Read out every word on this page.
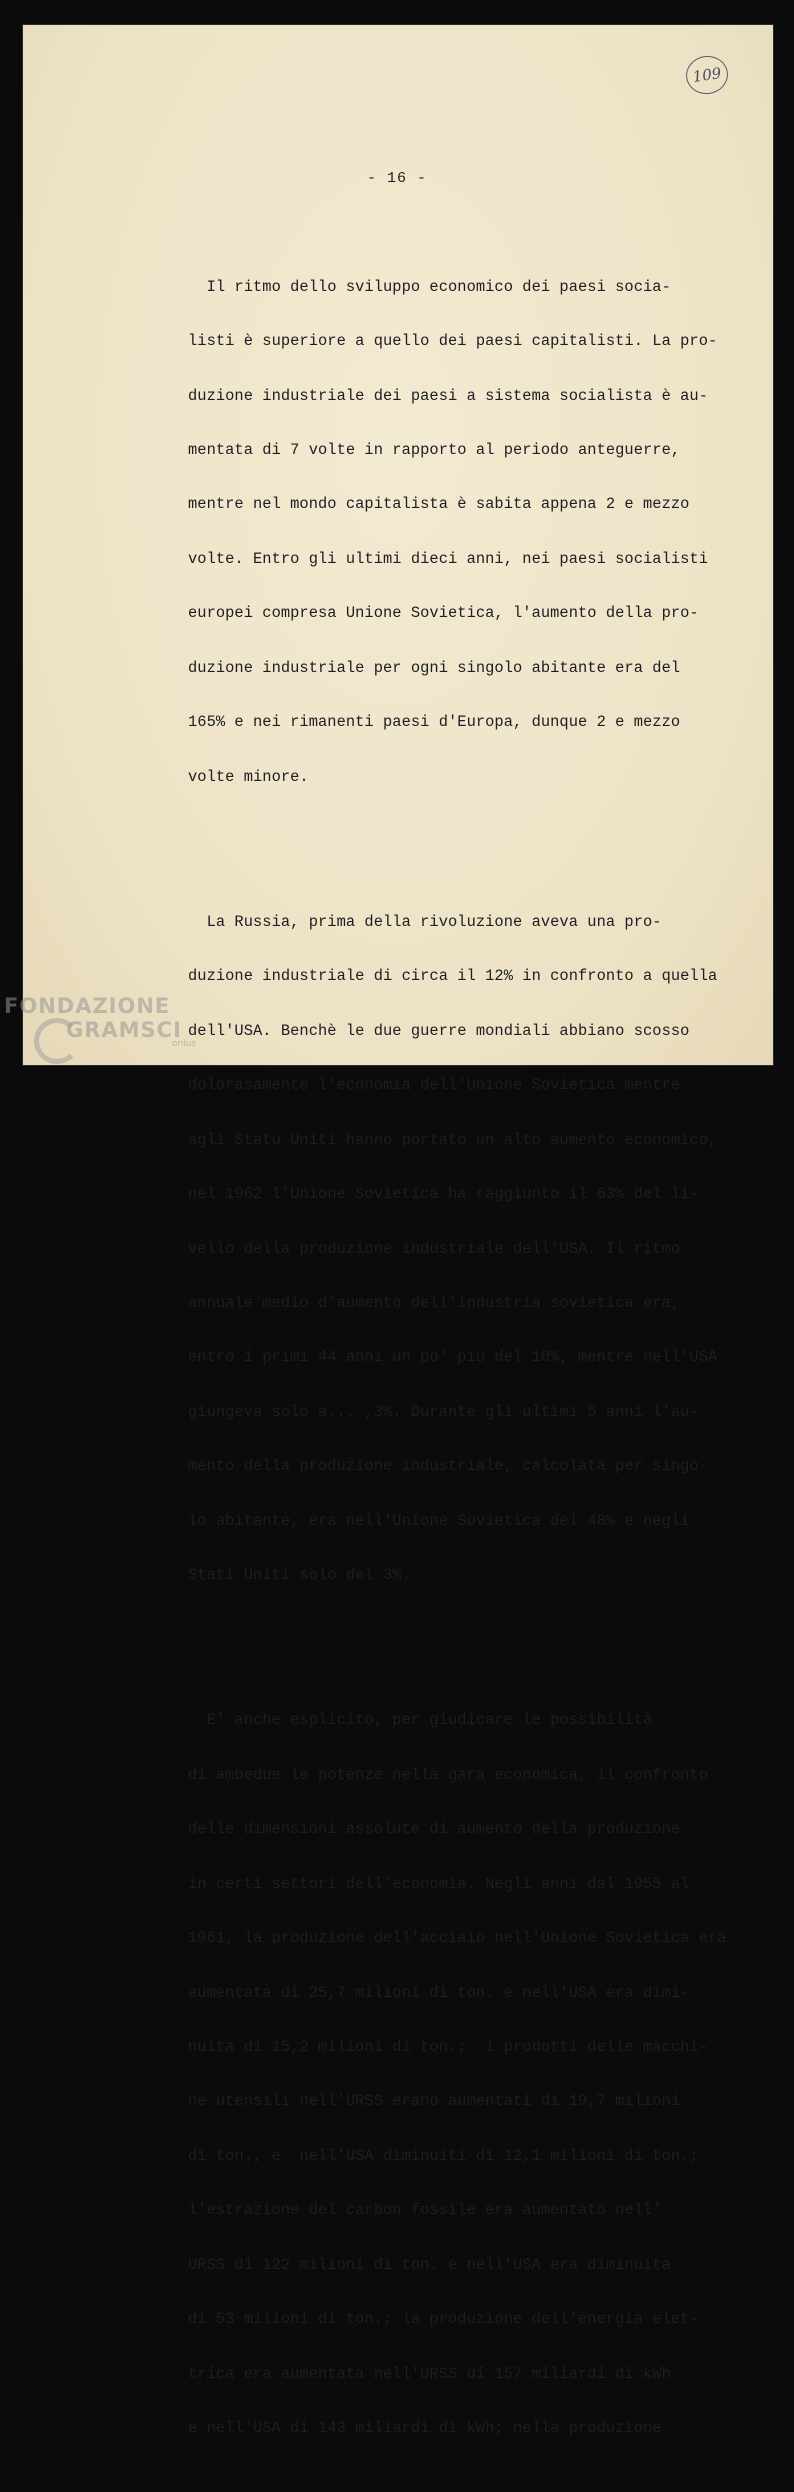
109
- 16 -

Il ritmo dello sviluppo economico dei paesi socia-

listi è superiore a quello dei paesi capitalisti. La pro-

duzione industriale dei paesi a sistema socialista è au-

mentata di 7 volte in rapporto al periodo anteguerre,

mentre nel mondo capitalista è sabita appena 2 e mezzo

volte. Entro gli ultimi dieci anni, nei paesi socialisti

europei compresa Unione Sovietica, l'aumento della pro-

duzione industriale per ogni singolo abitante era del

165% e nei rimanenti paesi d'Europa, dunque 2 e mezzo

volte minore.

La Russia, prima della rivoluzione aveva una pro-

duzione industriale di circa il 12% in confronto a quella

dell'USA. Benchè le due guerre mondiali abbiano scosso

dolorasamente l'economia dell'Unione Sovietica mentre

agli Statu Uniti hanno portato un alto aumento economico,

nel 1962 l'Unione Sovietica ha raggiunto il 63% del li-

vello della produzione industriale dell'USA. Il ritmo

annuale medio d'aumento dell'industria sovietica era,

entro i primi 44 anni un po' più del 10%, mentre nell'USA

giungeva solo a... ,3%. Durante gli ultimi 5 anni l'au-

mento della produzione industriale, calcolata per singo-

lo abitante, era nell'Unione Sovietica del 48% e negli

Stati Uniti solo del 3%.

E' anche esplicito, per giudicare le possibilità

di ambedue le potenze nella gara economica, il confronto

delle dimensioni assolute di aumento della produzione

in certi settori dell'economia. Negli anni dal 1955 al

1961, la produzione dell'acciaio nell'Unione Sovietica era

aumentata di 25,7 milioni di ton. e nell'USA era dimi-

nuita di 15,2 milioni di ton.;  i prodotti delle macchi-

ne utensili nell'URSS erano aumentati di 19,7 milioni

di ton., e  nell'USA diminuiti di 12,1 milioni di ton.;

l'estrazione del carbon fossile era aumentato nell'

URSS di 122 milioni di ton. e nell'USA era diminuita

di 53 milioni di ton.; la produzione dell'energia elet-

trica era aumentata nell'URSS di 157 miliardi di kWh

e nell'USA di 143 miliardi di kWh; nella produzione

FONDAZIONE
GRAMSCI
onlus
